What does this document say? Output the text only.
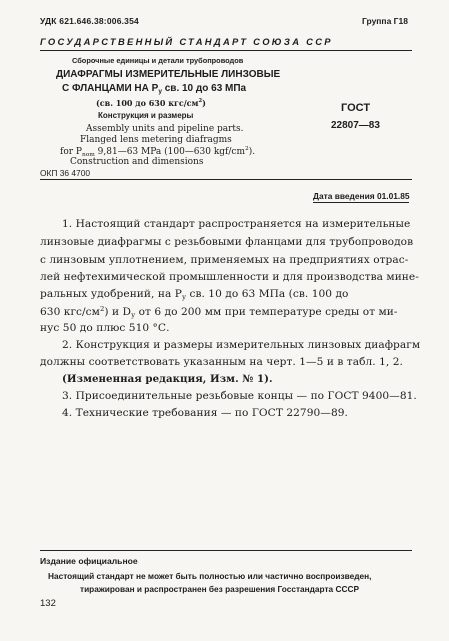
УДК 621.646.38:006.354	Группа Г18
ГОСУДАРСТВЕННЫЙ СТАНДАРТ СОЮЗА ССР
Сборочные единицы и детали трубопроводов
ДИАФРАГМЫ ИЗМЕРИТЕЛЬНЫЕ ЛИНЗОВЫЕ
С ФЛАНЦАМИ НА $P_у$ св. 10 до 63 МПа
(св. 100 до 630 кгс/$см^2$)
Конструкция и размеры
Assembly units and pipeline parts.
Flanged lens metering diafragms
for $P_{nom}$ 9,81—63 MPa (100—630 kgf/$cm^2$).
Construction and dimensions
ГОСТ
22807—83
ОКП 36 4700
Дата введения 01.01.85
1. Настоящий стандарт распространяется на измерительные
линзовые диафрагмы с резьбовыми фланцами для трубопроводов
с линзовым уплотнением, применяемых на предприятиях отрас-
лей нефтехимической промышленности и для производства мине-
ральных удобрений, на $P_у$ св. 10 до 63 МПа (св. 100 до
630 кгс/$см^2$) и $D_у$ от 6 до 200 мм при температуре среды от ми-
нус 50 до плюс 510 °С.
2. Конструкция и размеры измерительных линзовых диафрагм
должны соответствовать указанным на черт. 1—5 и в табл. 1, 2.
(Измененная редакция, Изм. № 1).
3. Присоединительные резьбовые концы — по ГОСТ 9400—81.
4. Технические требования — по ГОСТ 22790—89.
Издание официальное
Настоящий стандарт не может быть полностью или частично воспроизведен,
тиражирован и распространен без разрешения Госстандарта СССР
132
